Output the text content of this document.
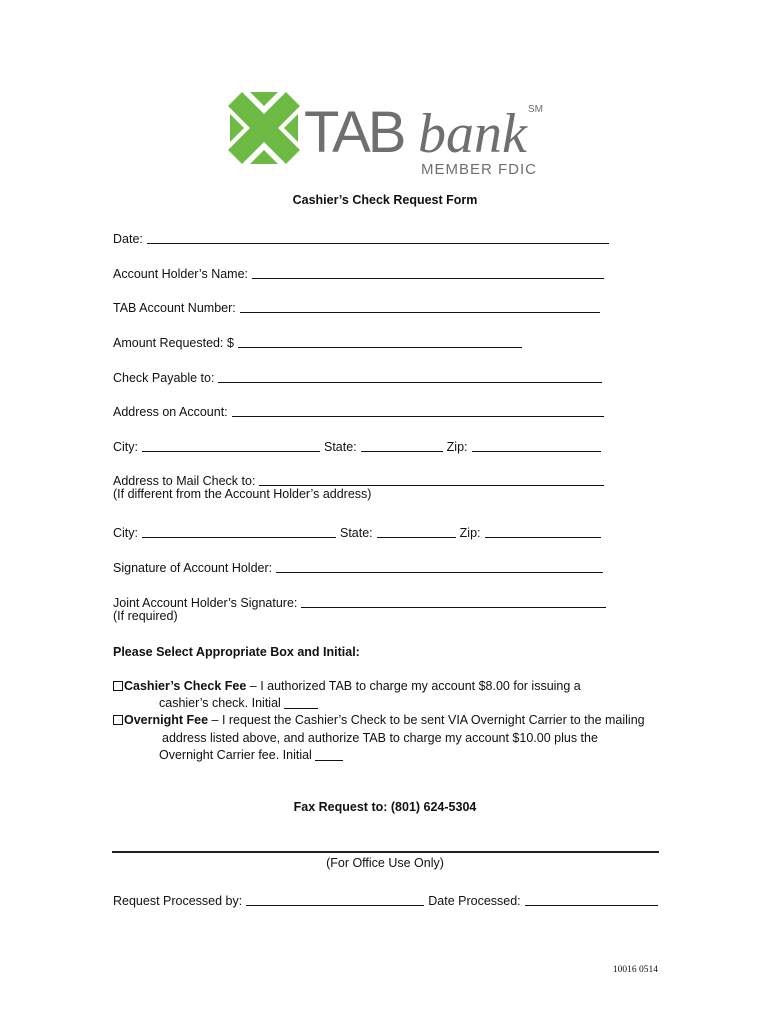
TAB bank SM
MEMBER FDIC
Cashier’s Check Request Form
Date:
Account Holder’s Name:
TAB Account Number:
Amount Requested: $
Check Payable to:
Address on Account:
City:	State:	Zip:
Address to Mail Check to:
(If different from the Account Holder’s address)
City:	State:	Zip:
Signature of Account Holder:
Joint Account Holder’s Signature:
(If required)
Please Select Appropriate Box and Initial:
Cashier’s Check Fee – I authorized TAB to charge my account $8.00 for issuing a
cashier’s check. Initial
Overnight Fee – I request the Cashier’s Check to be sent VIA Overnight Carrier to the mailing
address listed above, and authorize TAB to charge my account $10.00 plus the
Overnight Carrier fee. Initial
Fax Request to: (801) 624-5304
(For Office Use Only)
Request Processed by:	Date Processed:
10016 0514
